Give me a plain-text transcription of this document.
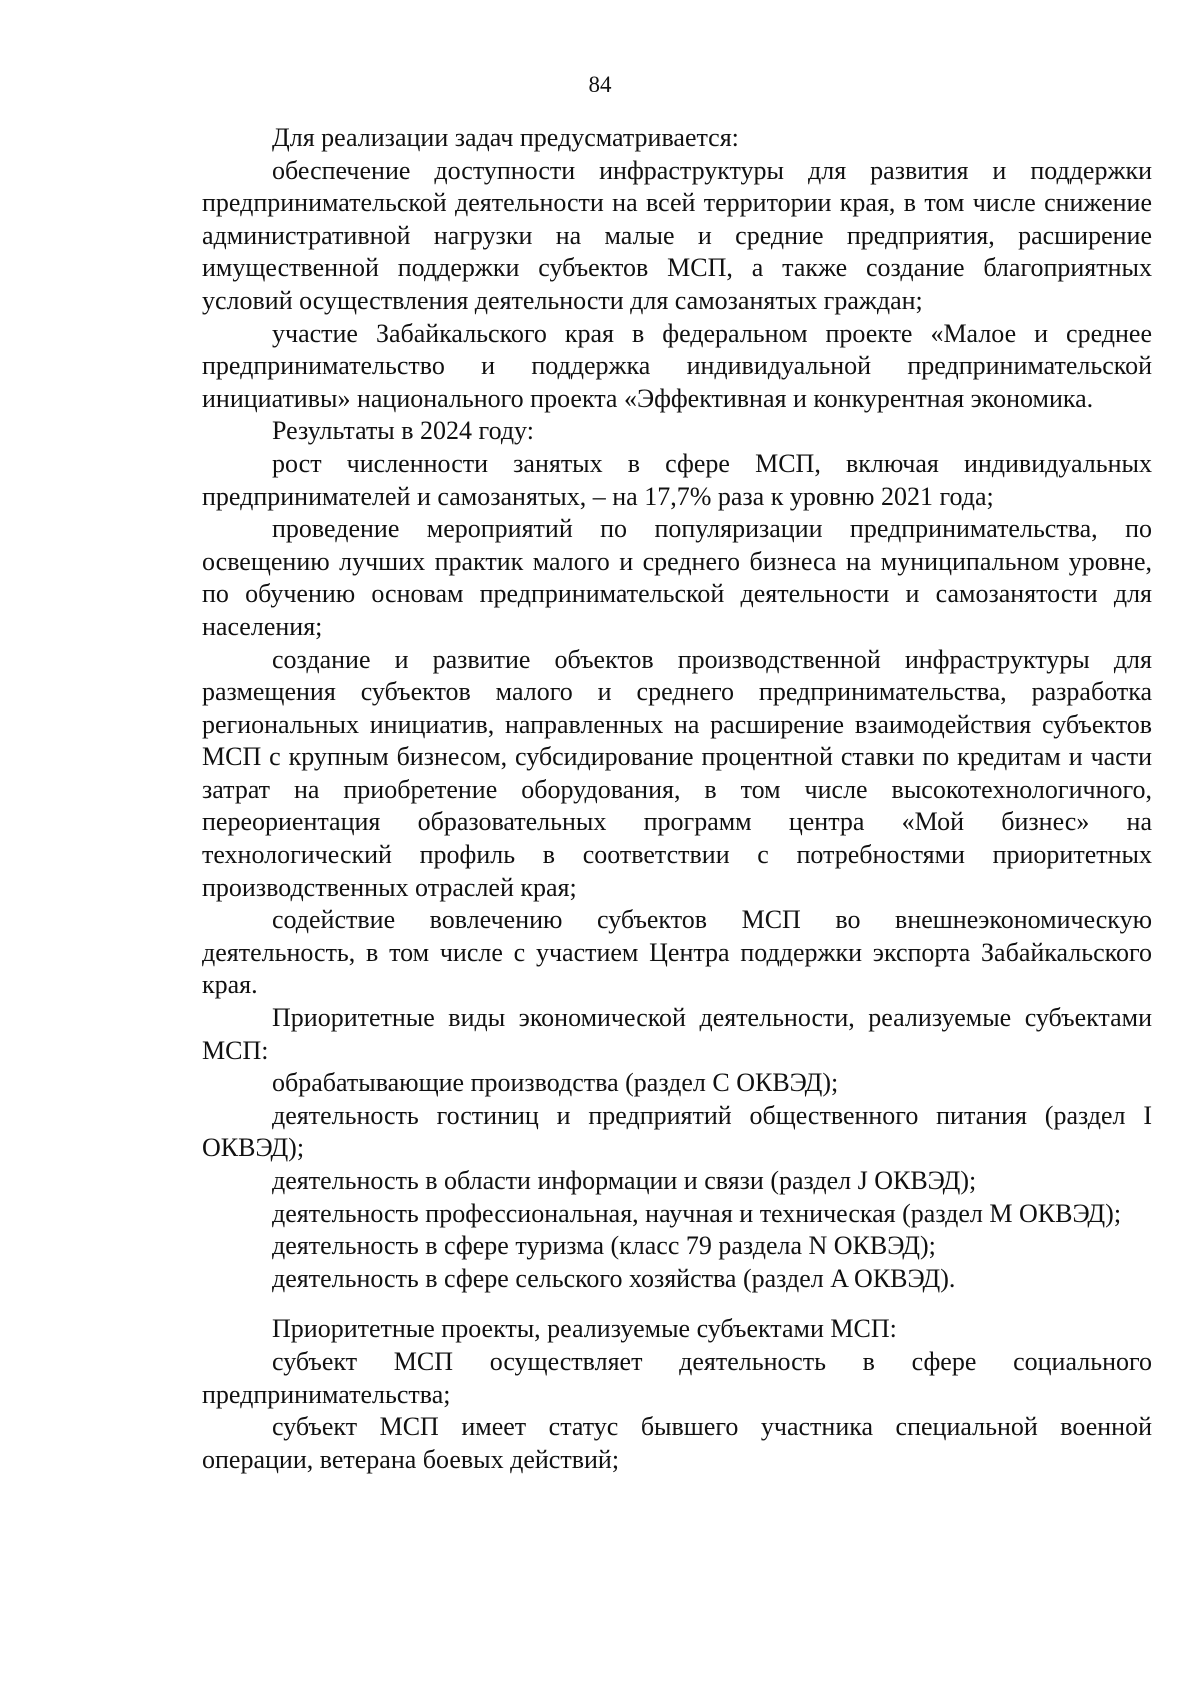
84

Для реализации задач предусматривается:

обеспечение доступности инфраструктуры для развития и поддержки предпринимательской деятельности на всей территории края, в том числе снижение административной нагрузки на малые и средние предприятия, расширение имущественной поддержки субъектов МСП, а также создание благоприятных условий осуществления деятельности для самозанятых граждан;

участие Забайкальского края в федеральном проекте «Малое и среднее предпринимательство и поддержка индивидуальной предпринимательской инициативы» национального проекта «Эффективная и конкурентная экономика.

Результаты в 2024 году:

рост численности занятых в сфере МСП, включая индивидуальных предпринимателей и самозанятых, – на 17,7% раза к уровню 2021 года;

проведение мероприятий по популяризации предпринимательства, по освещению лучших практик малого и среднего бизнеса на муниципальном уровне, по обучению основам предпринимательской деятельности и самозанятости для населения;

создание и развитие объектов производственной инфраструктуры для размещения субъектов малого и среднего предпринимательства, разработка региональных инициатив, направленных на расширение взаимодействия субъектов МСП с крупным бизнесом, субсидирование процентной ставки по кредитам и части затрат на приобретение оборудования, в том числе высокотехнологичного, переориентация образовательных программ центра «Мой бизнес» на технологический профиль в соответствии с потребностями приоритетных производственных отраслей края;

содействие вовлечению субъектов МСП во внешнеэкономическую деятельность, в том числе с участием Центра поддержки экспорта Забайкальского края.

Приоритетные виды экономической деятельности, реализуемые субъектами МСП:

обрабатывающие производства (раздел C ОКВЭД);

деятельность гостиниц и предприятий общественного питания (раздел I ОКВЭД);

деятельность в области информации и связи (раздел J ОКВЭД);

деятельность профессиональная, научная и техническая (раздел M ОКВЭД);

деятельность в сфере туризма (класс 79 раздела N ОКВЭД);

деятельность в сфере сельского хозяйства (раздел A ОКВЭД).

Приоритетные проекты, реализуемые субъектами МСП:

субъект МСП осуществляет деятельность в сфере социального предпринимательства;

субъект МСП имеет статус бывшего участника специальной военной операции, ветерана боевых действий;
